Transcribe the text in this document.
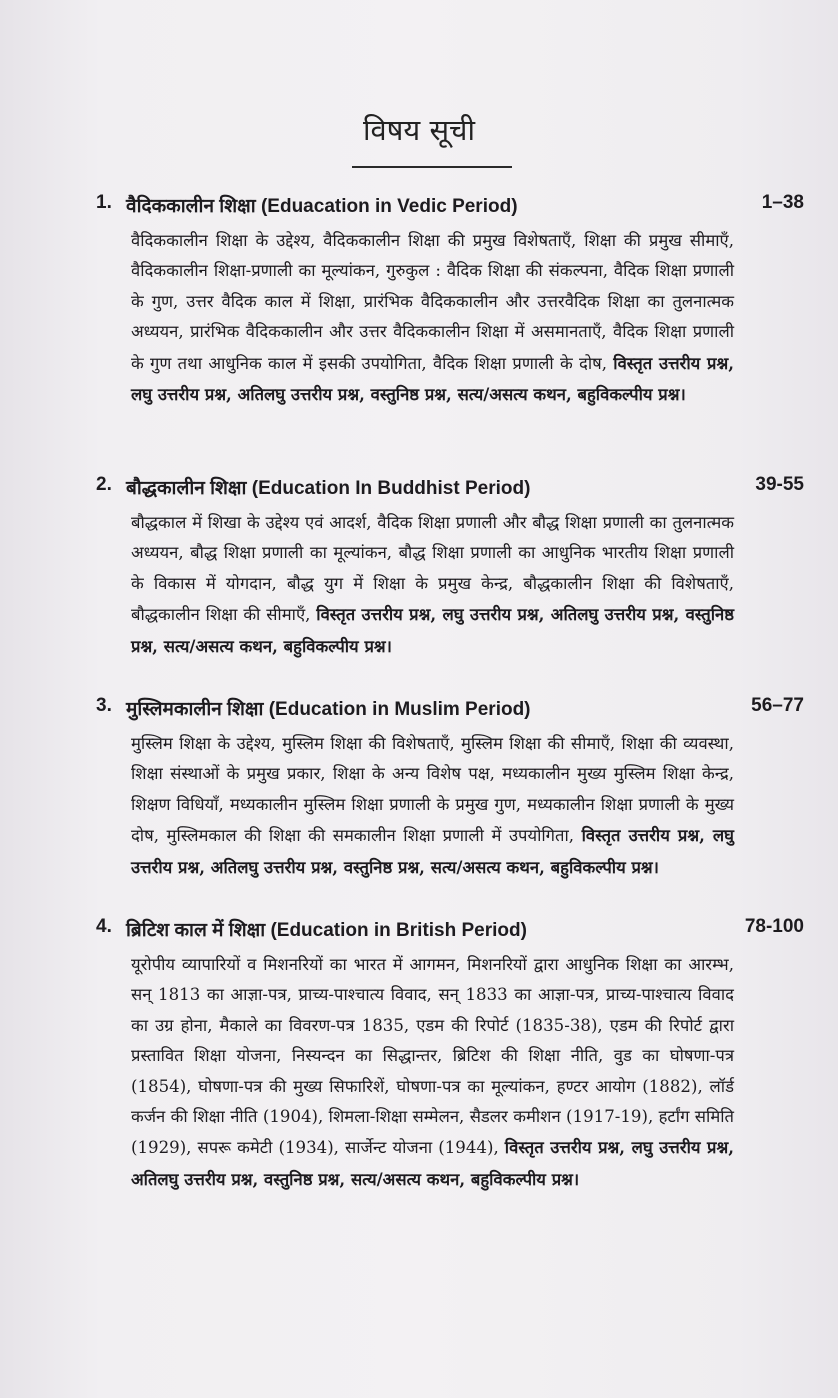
विषय सूची
1. वैदिककालीन शिक्षा (Eduacation in Vedic Period)	1–38

वैदिककालीन शिक्षा के उद्देश्य, वैदिककालीन शिक्षा की प्रमुख विशेषताएँ, शिक्षा की प्रमुख सीमाएँ, वैदिककालीन शिक्षा-प्रणाली का मूल्यांकन, गुरुकुल : वैदिक शिक्षा की संकल्पना, वैदिक शिक्षा प्रणाली के गुण, उत्तर वैदिक काल में शिक्षा, प्रारंभिक वैदिककालीन और उत्तरवैदिक शिक्षा का तुलनात्मक अध्ययन, प्रारंभिक वैदिककालीन और उत्तर वैदिककालीन शिक्षा में असमानताएँ, वैदिक शिक्षा प्रणाली के गुण तथा आधुनिक काल में इसकी उपयोगिता, वैदिक शिक्षा प्रणाली के दोष, विस्तृत उत्तरीय प्रश्न, लघु उत्तरीय प्रश्न, अतिलघु उत्तरीय प्रश्न, वस्तुनिष्ठ प्रश्न, सत्य/असत्य कथन, बहुविकल्पीय प्रश्न।

2. बौद्धकालीन शिक्षा (Education In Buddhist Period)	39-55

बौद्धकाल में शिखा के उद्देश्य एवं आदर्श, वैदिक शिक्षा प्रणाली और बौद्ध शिक्षा प्रणाली का तुलनात्मक अध्ययन, बौद्ध शिक्षा प्रणाली का मूल्यांकन, बौद्ध शिक्षा प्रणाली का आधुनिक भारतीय शिक्षा प्रणाली के विकास में योगदान, बौद्ध युग में शिक्षा के प्रमुख केन्द्र, बौद्धकालीन शिक्षा की विशेषताएँ, बौद्धकालीन शिक्षा की सीमाएँ, विस्तृत उत्तरीय प्रश्न, लघु उत्तरीय प्रश्न, अतिलघु उत्तरीय प्रश्न, वस्तुनिष्ठ प्रश्न, सत्य/असत्य कथन, बहुविकल्पीय प्रश्न।

3. मुस्लिमकालीन शिक्षा (Education in Muslim Period)	56–77

मुस्लिम शिक्षा के उद्देश्य, मुस्लिम शिक्षा की विशेषताएँ, मुस्लिम शिक्षा की सीमाएँ, शिक्षा की व्यवस्था, शिक्षा संस्थाओं के प्रमुख प्रकार, शिक्षा के अन्य विशेष पक्ष, मध्यकालीन मुख्य मुस्लिम शिक्षा केन्द्र, शिक्षण विधियाँ, मध्यकालीन मुस्लिम शिक्षा प्रणाली के प्रमुख गुण, मध्यकालीन शिक्षा प्रणाली के मुख्य दोष, मुस्लिमकाल की शिक्षा की समकालीन शिक्षा प्रणाली में उपयोगिता, विस्तृत उत्तरीय प्रश्न, लघु उत्तरीय प्रश्न, अतिलघु उत्तरीय प्रश्न, वस्तुनिष्ठ प्रश्न, सत्य/असत्य कथन, बहुविकल्पीय प्रश्न।

4. ब्रिटिश काल में शिक्षा (Education in British Period)	78-100

यूरोपीय व्यापारियों व मिशनरियों का भारत में आगमन, मिशनरियों द्वारा आधुनिक शिक्षा का आरम्भ, सन् 1813 का आज्ञा-पत्र, प्राच्य-पाश्चात्य विवाद, सन् 1833 का आज्ञा-पत्र, प्राच्य-पाश्चात्य विवाद का उग्र होना, मैकाले का विवरण-पत्र 1835, एडम की रिपोर्ट (1835-38), एडम की रिपोर्ट द्वारा प्रस्तावित शिक्षा योजना, निस्यन्दन का सिद्धान्तर, ब्रिटिश की शिक्षा नीति, वुड का घोषणा-पत्र (1854), घोषणा-पत्र की मुख्य सिफारिशें, घोषणा-पत्र का मूल्यांकन, हण्टर आयोग (1882), लॉर्ड कर्जन की शिक्षा नीति (1904), शिमला-शिक्षा सम्मेलन, सैडलर कमीशन (1917-19), हर्टांग समिति (1929), सपरू कमेटी (1934), सार्जेन्ट योजना (1944), विस्तृत उत्तरीय प्रश्न, लघु उत्तरीय प्रश्न, अतिलघु उत्तरीय प्रश्न, वस्तुनिष्ठ प्रश्न, सत्य/असत्य कथन, बहुविकल्पीय प्रश्न।
